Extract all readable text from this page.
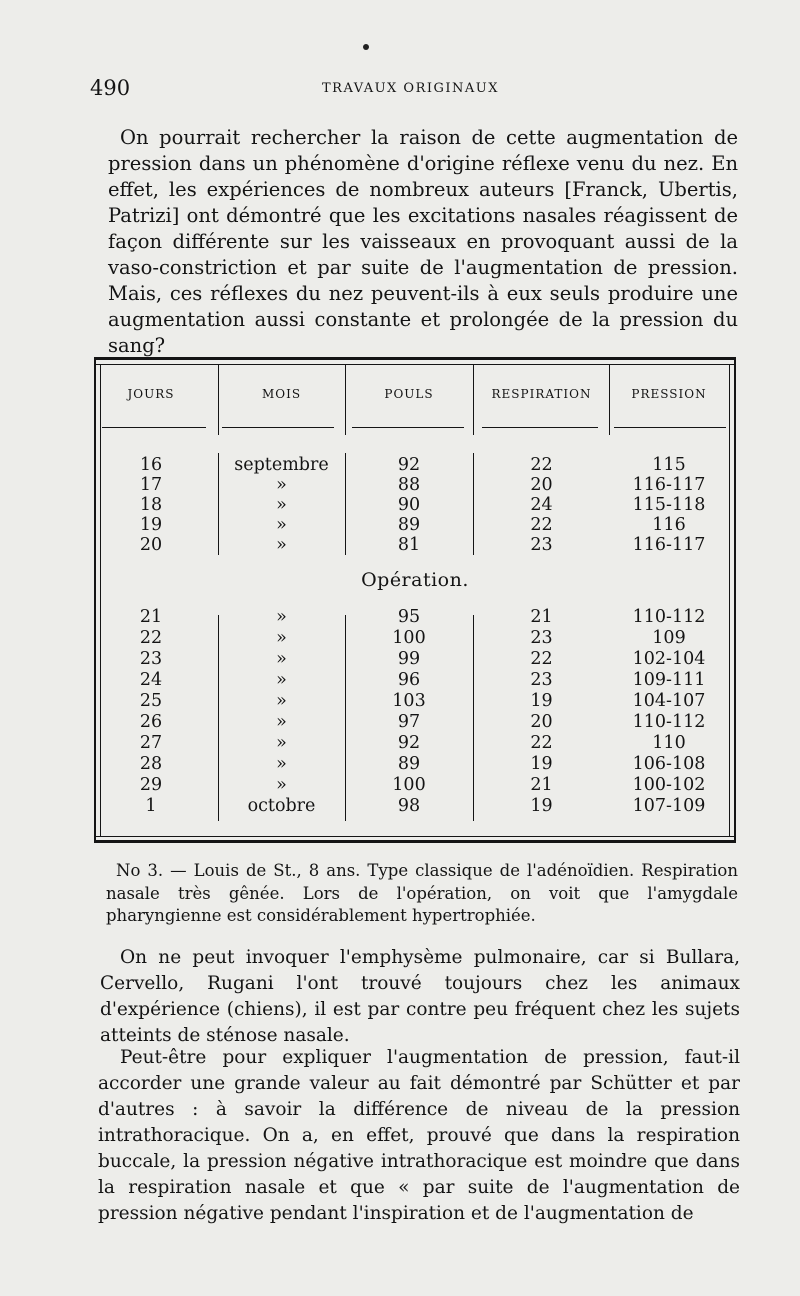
490	TRAVAUX ORIGINAUX

On pourrait rechercher la raison de cette augmentation de pression dans un phénomène d'origine réflexe venu du nez. En effet, les expériences de nombreux auteurs [Franck, Ubertis, Patrizi] ont démontré que les excitations nasales réagissent de façon différente sur les vaisseaux en provoquant aussi de la vaso-constriction et par suite de l'augmentation de pression. Mais, ces réflexes du nez peuvent-ils à eux seuls produire une augmentation aussi constante et prolongée de la pression du sang?

JOURS	MOIS	POULS	RESPIRATION	PRESSION
16	septembre	92	22	115
17	»	88	20	116-117
18	»	90	24	115-118
19	»	89	22	116
20	»	81	23	116-117
Opération.
21	»	95	21	110-112
22	»	100	23	109
23	»	99	22	102-104
24	»	96	23	109-111
25	»	103	19	104-107
26	»	97	20	110-112
27	»	92	22	110
28	»	89	19	106-108
29	»	100	21	100-102
1	octobre	98	19	107-109

No 3. — Louis de St., 8 ans. Type classique de l'adénoïdien. Respiration nasale très gênée. Lors de l'opération, on voit que l'amygdale pharyngienne est considérablement hypertrophiée.

On ne peut invoquer l'emphysème pulmonaire, car si Bullara, Cervello, Rugani l'ont trouvé toujours chez les animaux d'expérience (chiens), il est par contre peu fréquent chez les sujets atteints de sténose nasale.

Peut-être pour expliquer l'augmentation de pression, faut-il accorder une grande valeur au fait démontré par Schütter et par d'autres : à savoir la différence de niveau de la pression intrathoracique. On a, en effet, prouvé que dans la respiration buccale, la pression négative intrathoracique est moindre que dans la respiration nasale et que « par suite de l'augmentation de pression négative pendant l'inspiration et de l'augmentation de
